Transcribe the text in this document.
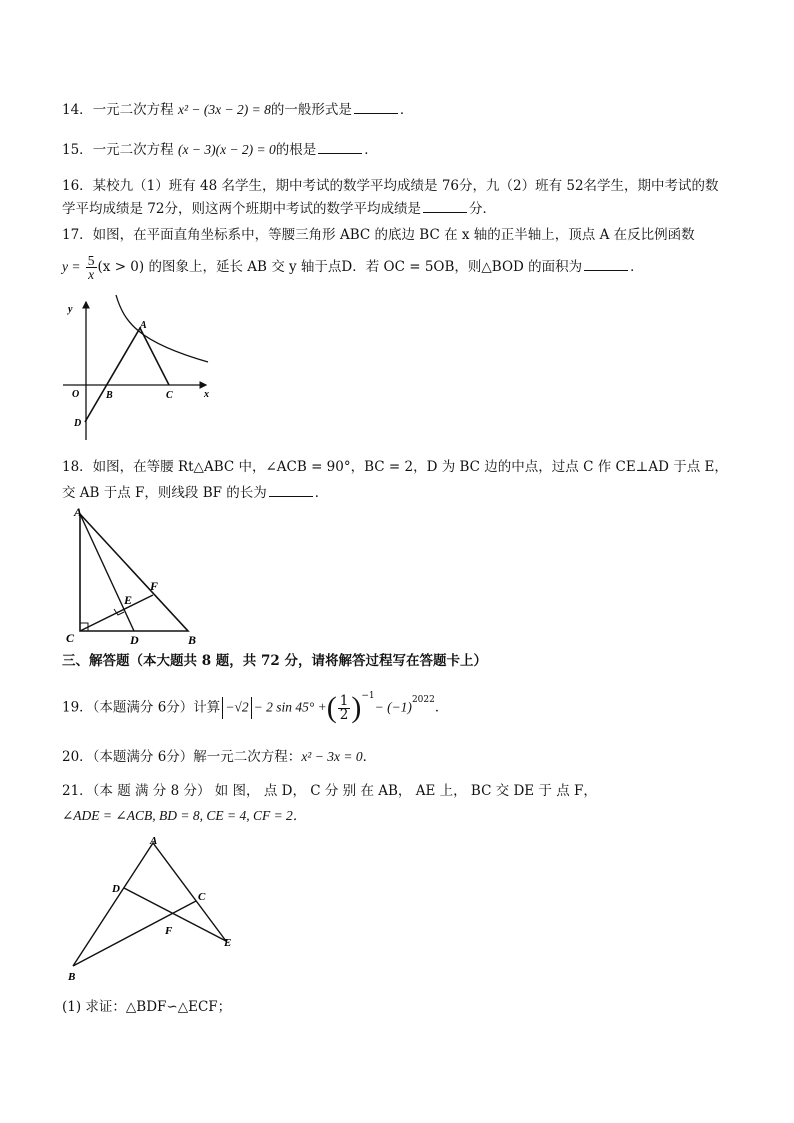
14．一元二次方程 x² − (3x − 2) = 8的一般形式是	．
15．一元二次方程 (x − 3)(x − 2) = 0的根是	．
16．某校九（1）班有 48 名学生，期中考试的数学平均成绩是 76分，九（2）班有 52名学生，期中考试的数
学平均成绩是 72分，则这两个班期中考试的数学平均成绩是	分．
17．如图，在平面直角坐标系中，等腰三角形 ABC 的底边 BC 在 x 轴的正半轴上，顶点 A 在反比例函数
$y = \frac{5}{x} (x > 0)$ 的图象上，延长 AB 交 y 轴于点D．若 OC = 5OB，则△BOD 的面积为	．
y
O	x
A
B	C
D
18．如图，在等腰 Rt△ABC 中，∠ACB = 90°，BC = 2，D 为 BC 边的中点，过点 C 作 CE⊥AD 于点 E，
交 AB 于点 F，则线段 BF 的长为	．
A
C	D	B
F
E
三、解答题（本大题共 8 题，共 72 分，请将解答过程写在答题卡上）
19．（本题满分 6分）计算 −√2 − 2 sin 45° +( $\frac{1}{2} )^{-1}- (-1)^{2022}$．
20．（本题满分 6分）解一元二次方程：x² − 3x = 0．
21．（本 题 满 分 8 分） 如 图， 点 D， C 分 别 在 AB， AE 上， BC 交 DE 于 点 F，
∠ADE = ∠ACB, BD = 8, CE = 4, CF = 2．
A
D
C
F
E
B
(1) 求证：△BDF∽△ECF；
